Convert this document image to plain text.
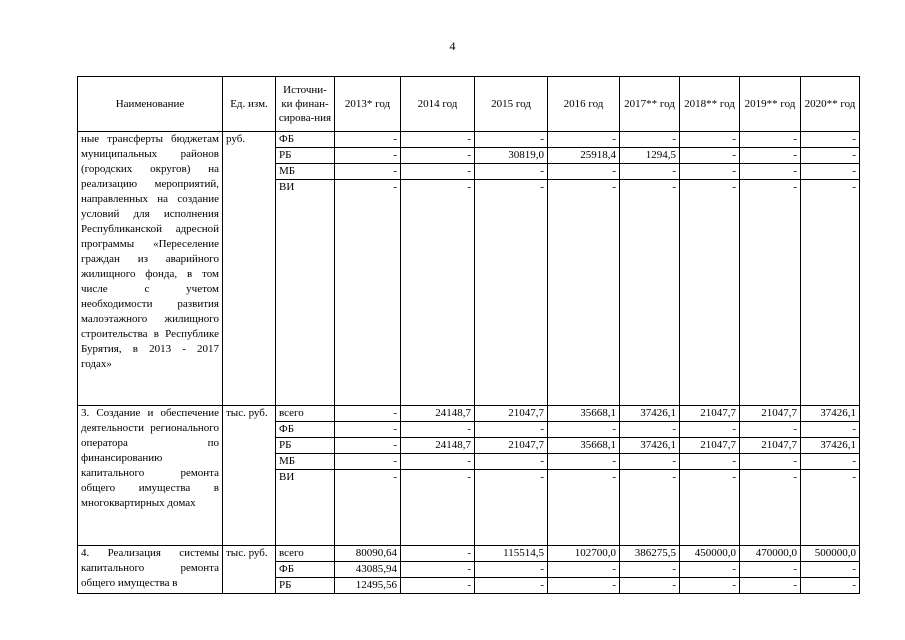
4
Наименование	Ед. изм.	Источни-ки финан-сирова-ния	2013* год	2014 год	2015 год	2016 год	2017** год	2018** год	2019** год	2020** год
ные трансферты бюджетам муниципальных районов (городских округов) на реализацию мероприятий, направленных на создание условий для исполнения Республиканской адресной программы «Переселение граждан из аварийного жилищного фонда, в том числе с учетом необходимости развития малоэтажного жилищного строительства в Республике Бурятия, в 2013 - 2017 годах»	руб.	ФБ	-	-	-	-	-	-	-	-
		РБ	-	-	30819,0	25918,4	1294,5	-	-	-
		МБ	-	-	-	-	-	-	-	-
		ВИ	-	-	-	-	-	-	-	-
3. Создание и обеспечение деятельности регионального оператора по финансированию капитального ремонта общего имущества в многоквартирных домах	тыс. руб.	всего	-	24148,7	21047,7	35668,1	37426,1	21047,7	21047,7	37426,1
		ФБ	-	-	-	-	-	-	-	-
		РБ	-	24148,7	21047,7	35668,1	37426,1	21047,7	21047,7	37426,1
		МБ	-	-	-	-	-	-	-	-
		ВИ	-	-	-	-	-	-	-	-
4. Реализация системы капитального ремонта общего имущества в	тыс. руб.	всего	80090,64	-	115514,5	102700,0	386275,5	450000,0	470000,0	500000,0
		ФБ	43085,94	-	-	-	-	-	-	-
		РБ	12495,56	-	-	-	-	-	-	-
